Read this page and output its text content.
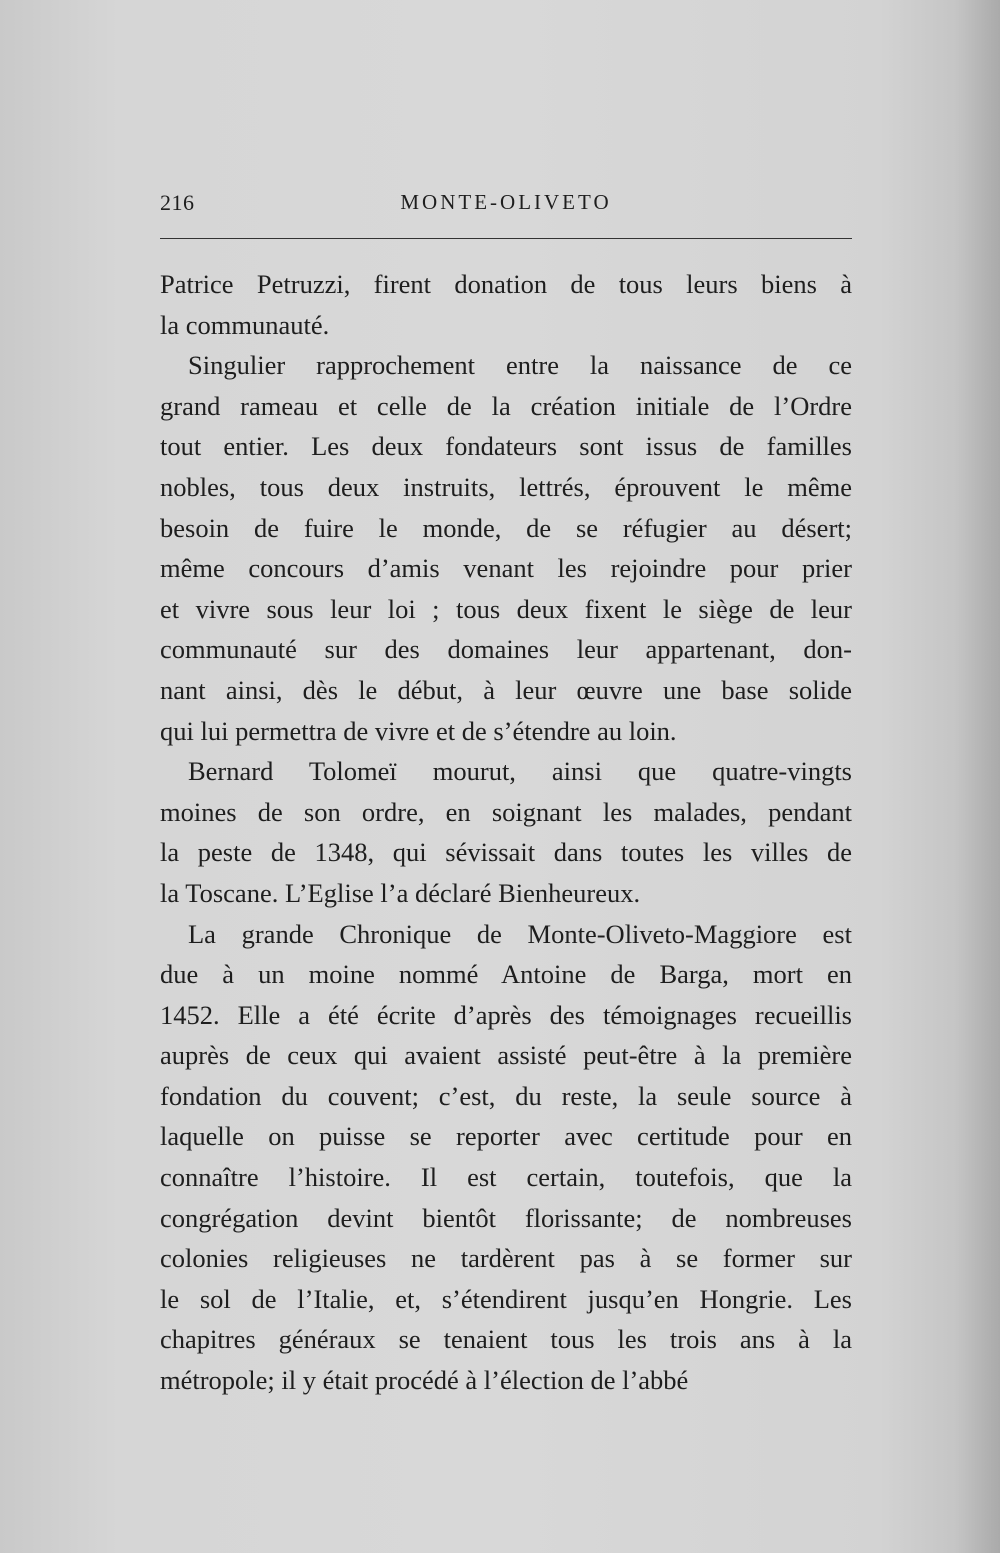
216	MONTE-OLIVETO
Patrice Petruzzi, firent donation de tous leurs biens à
la communauté.
Singulier rapprochement entre la naissance de ce
grand rameau et celle de la création initiale de l’Ordre
tout entier. Les deux fondateurs sont issus de familles
nobles, tous deux instruits, lettrés, éprouvent le même
besoin de fuire le monde, de se réfugier au désert;
même concours d’amis venant les rejoindre pour prier
et vivre sous leur loi ; tous deux fixent le siège de leur
communauté sur des domaines leur appartenant, don-
nant ainsi, dès le début, à leur œuvre une base solide
qui lui permettra de vivre et de s’étendre au loin.
Bernard Tolomeï mourut, ainsi que quatre-vingts
moines de son ordre, en soignant les malades, pendant
la peste de 1348, qui sévissait dans toutes les villes de
la Toscane. L’Eglise l’a déclaré Bienheureux.
La grande Chronique de Monte-Oliveto-Maggiore est
due à un moine nommé Antoine de Barga, mort en
1452. Elle a été écrite d’après des témoignages recueillis
auprès de ceux qui avaient assisté peut-être à la première
fondation du couvent; c’est, du reste, la seule source à
laquelle on puisse se reporter avec certitude pour en
connaître l’histoire. Il est certain, toutefois, que la
congrégation devint bientôt florissante; de nombreuses
colonies religieuses ne tardèrent pas à se former sur
le sol de l’Italie, et, s’étendirent jusqu’en Hongrie. Les
chapitres généraux se tenaient tous les trois ans à la
métropole; il y était procédé à l’élection de l’abbé
